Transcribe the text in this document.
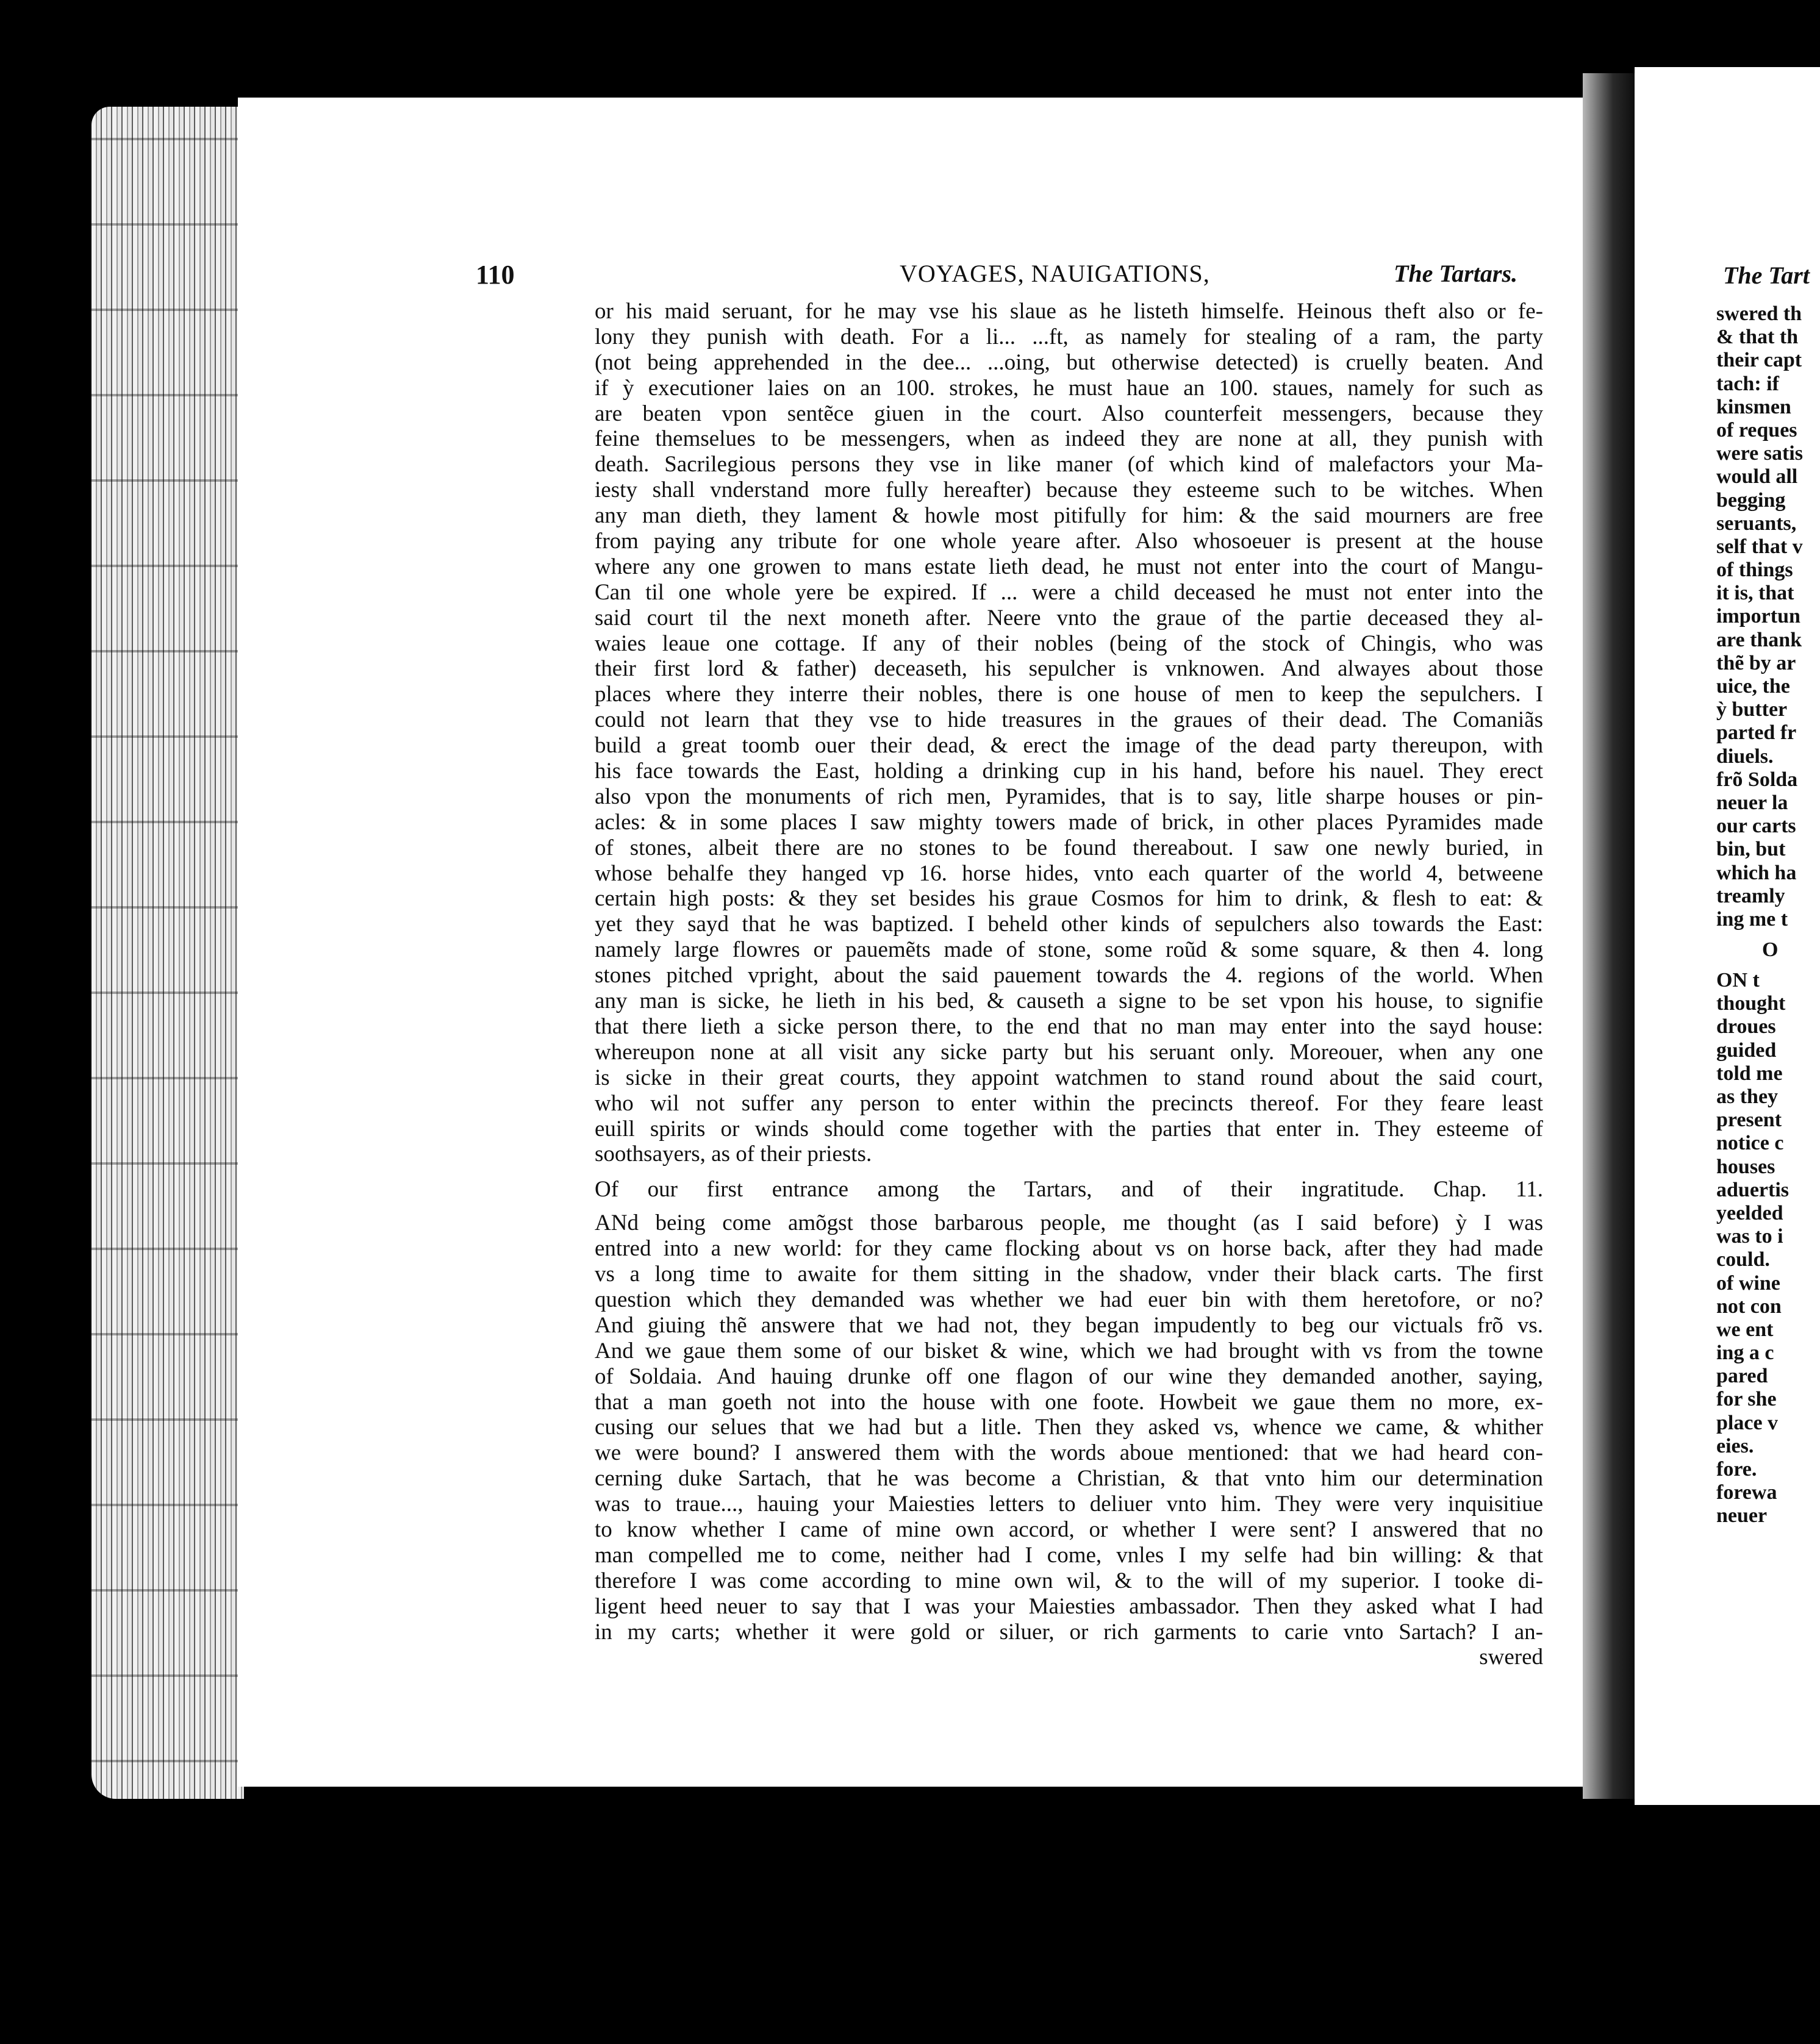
The Tart
swered th
& that th
their capt
tach: if
kinsmen
of reques
were satis
would all
begging
seruants,
self that v
of things
it is, that
importun
are thank
thẽ by ar
uice, the
ỳ butter
parted fr
diuels.
frõ Solda
neuer la
our carts
bin, but
which ha
treamly
ing me t
O
ON t
thought
droues
guided
told me
as they
present
notice c
houses
aduertis
yeelded
was to i
could.
of wine
not con
we ent
ing a c
pared
for she
place v
eies.
fore.
forewa
neuer
110	VOYAGES, NAUIGATIONS,	The Tartars.
or his maid seruant, for he may vse his slaue as he listeth himselfe. Heinous theft also or fe-
lony they punish with death. For a li... ...ft, as namely for stealing of a ram, the party
(not being apprehended in the dee... ...oing, but otherwise detected) is cruelly beaten. And
if ỳ executioner laies on an 100. strokes, he must haue an 100. staues, namely for such as
are beaten vpon sentẽce giuen in the court. Also counterfeit messengers, because they
feine themselues to be messengers, when as indeed they are none at all, they punish with
death. Sacrilegious persons they vse in like maner (of which kind of malefactors your Ma-
iesty shall vnderstand more fully hereafter) because they esteeme such to be witches. When
any man dieth, they lament & howle most pitifully for him: & the said mourners are free
from paying any tribute for one whole yeare after. Also whosoeuer is present at the house
where any one growen to mans estate lieth dead, he must not enter into the court of Mangu-
Can til one whole yere be expired. If ... were a child deceased he must not enter into the
said court til the next moneth after. Neere vnto the graue of the partie deceased they al-
waies leaue one cottage. If any of their nobles (being of the stock of Chingis, who was
their first lord & father) deceaseth, his sepulcher is vnknowen. And alwayes about those
places where they interre their nobles, there is one house of men to keep the sepulchers. I
could not learn that they vse to hide treasures in the graues of their dead. The Comaniãs
build a great toomb ouer their dead, & erect the image of the dead party thereupon, with
his face towards the East, holding a drinking cup in his hand, before his nauel. They erect
also vpon the monuments of rich men, Pyramides, that is to say, litle sharpe houses or pin-
acles: & in some places I saw mighty towers made of brick, in other places Pyramides made
of stones, albeit there are no stones to be found thereabout. I saw one newly buried, in
whose behalfe they hanged vp 16. horse hides, vnto each quarter of the world 4, betweene
certain high posts: & they set besides his graue Cosmos for him to drink, & flesh to eat: &
yet they sayd that he was baptized. I beheld other kinds of sepulchers also towards the East:
namely large flowres or pauemẽts made of stone, some roũd & some square, & then 4. long
stones pitched vpright, about the said pauement towards the 4. regions of the world. When
any man is sicke, he lieth in his bed, & causeth a signe to be set vpon his house, to signifie
that there lieth a sicke person there, to the end that no man may enter into the sayd house:
whereupon none at all visit any sicke party but his seruant only. Moreouer, when any one
is sicke in their great courts, they appoint watchmen to stand round about the said court,
who wil not suffer any person to enter within the precincts thereof. For they feare least
euill spirits or winds should come together with the parties that enter in. They esteeme of
soothsayers, as of their priests.
Of our first entrance among the Tartars, and of their ingratitude. Chap. 11.
ANd being come amõgst those barbarous people, me thought (as I said before) ỳ I was
entred into a new world: for they came flocking about vs on horse back, after they had made
vs a long time to awaite for them sitting in the shadow, vnder their black carts. The first
question which they demanded was whether we had euer bin with them heretofore, or no?
And giuing thẽ answere that we had not, they began impudently to beg our victuals frõ vs.
And we gaue them some of our bisket & wine, which we had brought with vs from the towne
of Soldaia. And hauing drunke off one flagon of our wine they demanded another, saying,
that a man goeth not into the house with one foote. Howbeit we gaue them no more, ex-
cusing our selues that we had but a litle. Then they asked vs, whence we came, & whither
we were bound? I answered them with the words aboue mentioned: that we had heard con-
cerning duke Sartach, that he was become a Christian, & that vnto him our determination
was to traue..., hauing your Maiesties letters to deliuer vnto him. They were very inquisitiue
to know whether I came of mine own accord, or whether I were sent? I answered that no
man compelled me to come, neither had I come, vnles I my selfe had bin willing: & that
therefore I was come according to mine own wil, & to the will of my superior. I tooke di-
ligent heed neuer to say that I was your Maiesties ambassador. Then they asked what I had
in my carts; whether it were gold or siluer, or rich garments to carie vnto Sartach? I an-
swered
